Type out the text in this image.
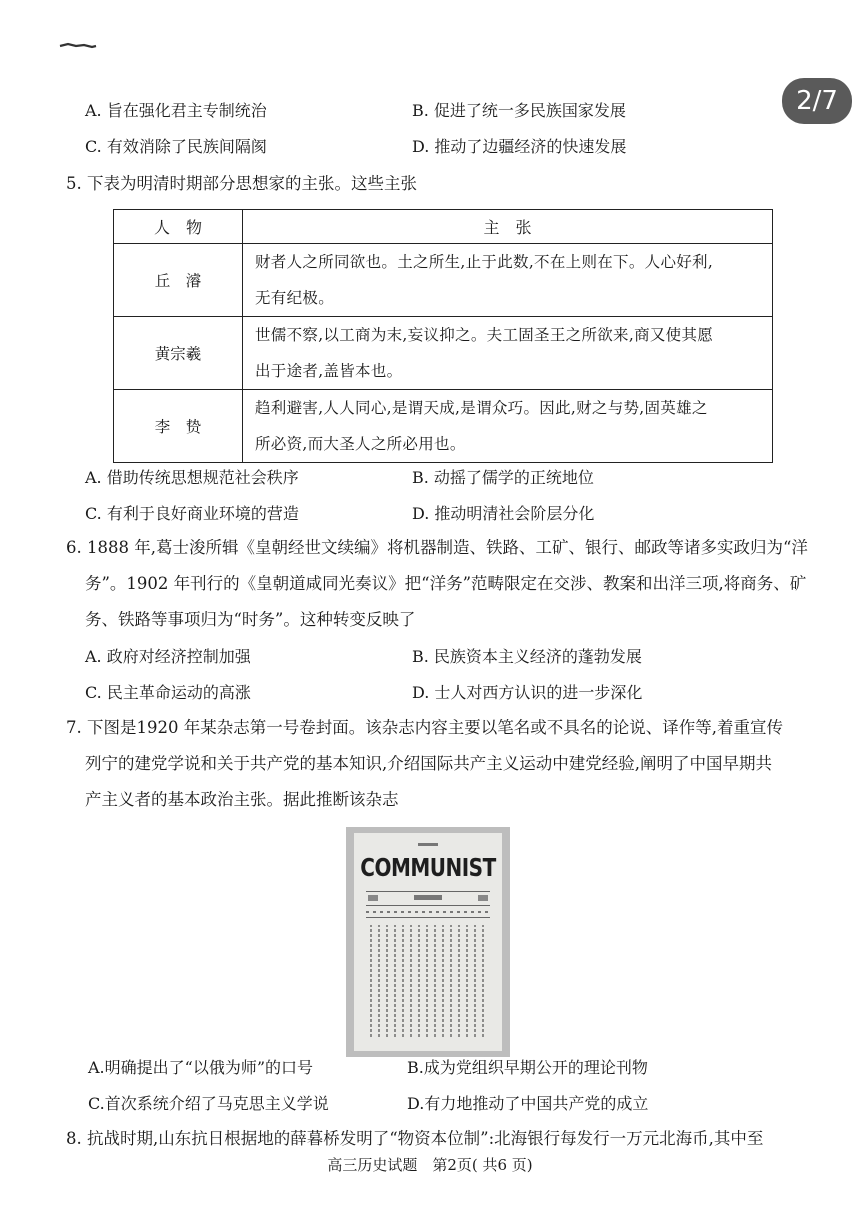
2/7
A. 旨在强化君主专制统治	B. 促进了统一多民族国家发展
C. 有效消除了民族间隔阂	D. 推动了边疆经济的快速发展
5. 下表为明清时期部分思想家的主张。这些主张
人　物	主　张
丘　濬	财者人之所同欲也。土之所生,止于此数,不在上则在下。人心好利,
无有纪极。

黄宗羲	世儒不察,以工商为末,妄议抑之。夫工固圣王之所欲来,商又使其愿
出于途者,盖皆本也。

李　贽	趋利避害,人人同心,是谓天成,是谓众巧。因此,财之与势,固英雄之
所必资,而大圣人之所必用也。
A. 借助传统思想规范社会秩序	B. 动摇了儒学的正统地位
C. 有利于良好商业环境的营造	D. 推动明清社会阶层分化
6. 1888 年,葛士浚所辑《皇朝经世文续编》将机器制造、铁路、工矿、银行、邮政等诸多实政归为“洋
务”。1902 年刊行的《皇朝道咸同光奏议》把“洋务”范畴限定在交涉、教案和出洋三项,将商务、矿
务、铁路等事项归为“时务”。这种转变反映了
A. 政府对经济控制加强	B. 民族资本主义经济的蓬勃发展
C. 民主革命运动的高涨	D. 士人对西方认识的进一步深化
7. 下图是1920 年某杂志第一号卷封面。该杂志内容主要以笔名或不具名的论说、译作等,着重宣传
列宁的建党学说和关于共产党的基本知识,介绍国际共产主义运动中建党经验,阐明了中国早期共
产主义者的基本政治主张。据此推断该杂志
COMMUNIST
A.明确提出了“以俄为师”的口号	B.成为党组织早期公开的理论刊物
C.首次系统介绍了马克思主义学说	D.有力地推动了中国共产党的成立
8. 抗战时期,山东抗日根据地的薛暮桥发明了“物资本位制”:北海银行每发行一万元北海币,其中至
高三历史试题　第2页( 共6 页)
